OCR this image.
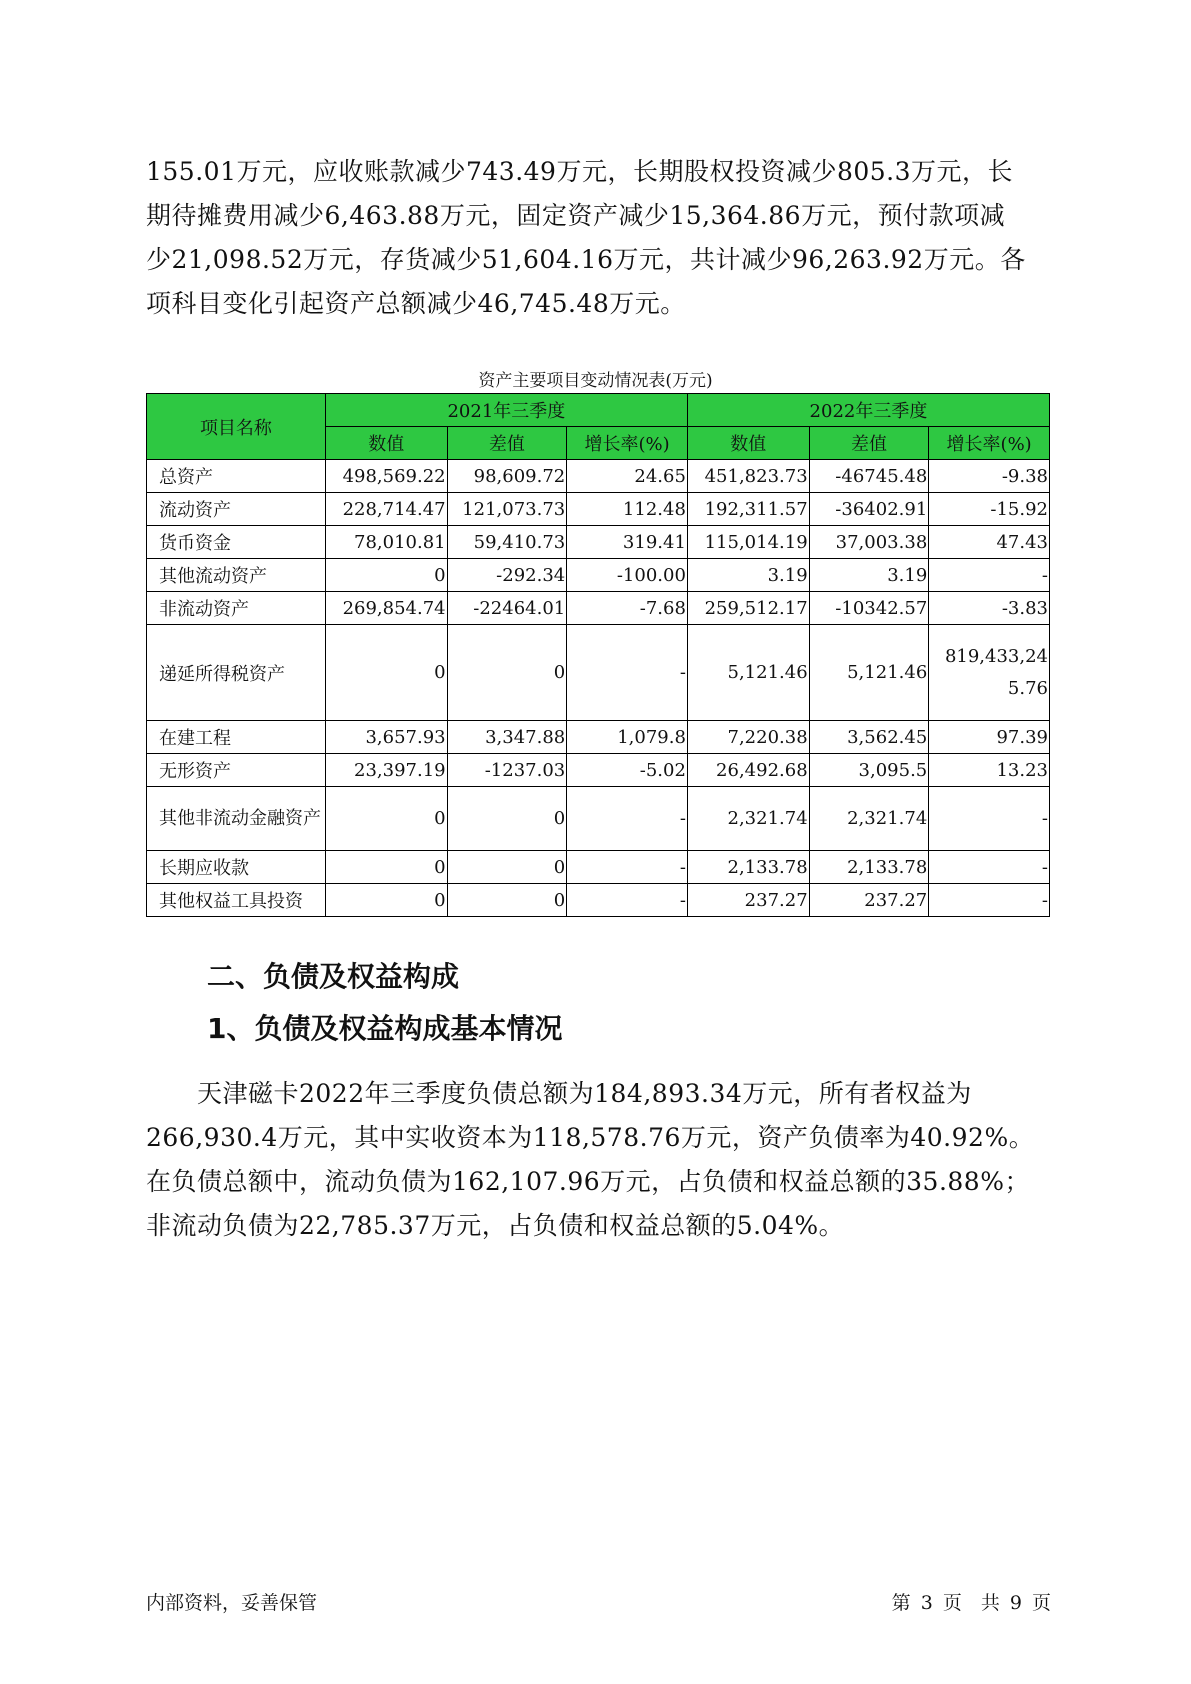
155.01万元，应收账款减少743.49万元，长期股权投资减少805.3万元，长
期待摊费用减少6,463.88万元，固定资产减少15,364.86万元，预付款项减
少21,098.52万元，存货减少51,604.16万元，共计减少96,263.92万元。各
项科目变化引起资产总额减少46,745.48万元。

资产主要项目变动情况表(万元)
项目名称	2021年三季度			2022年三季度		
	数值	差值	增长率(%)	数值	差值	增长率(%)
总资产	498,569.22	98,609.72	24.65	451,823.73	-46745.48	-9.38
流动资产	228,714.47	121,073.73	112.48	192,311.57	-36402.91	-15.92
货币资金	78,010.81	59,410.73	319.41	115,014.19	37,003.38	47.43
其他流动资产	0	-292.34	-100.00	3.19	3.19	-
非流动资产	269,854.74	-22464.01	-7.68	259,512.17	-10342.57	-3.83
递延所得税资产	0	0	-	5,121.46	5,121.46	819,433,245.76
在建工程	3,657.93	3,347.88	1,079.8	7,220.38	3,562.45	97.39
无形资产	23,397.19	-1237.03	-5.02	26,492.68	3,095.5	13.23
其他非流动金融资产	0	0	-	2,321.74	2,321.74	-
长期应收款	0	0	-	2,133.78	2,133.78	-
其他权益工具投资	0	0	-	237.27	237.27	-
二、负债及权益构成
1、负债及权益构成基本情况

　　天津磁卡2022年三季度负债总额为184,893.34万元，所有者权益为
266,930.4万元，其中实收资本为118,578.76万元，资产负债率为40.92%。
在负债总额中，流动负债为162,107.96万元，占负债和权益总额的35.88%；
非流动负债为22,785.37万元，占负债和权益总额的5.04%。

内部资料，妥善保管	第 3 页　共 9 页
